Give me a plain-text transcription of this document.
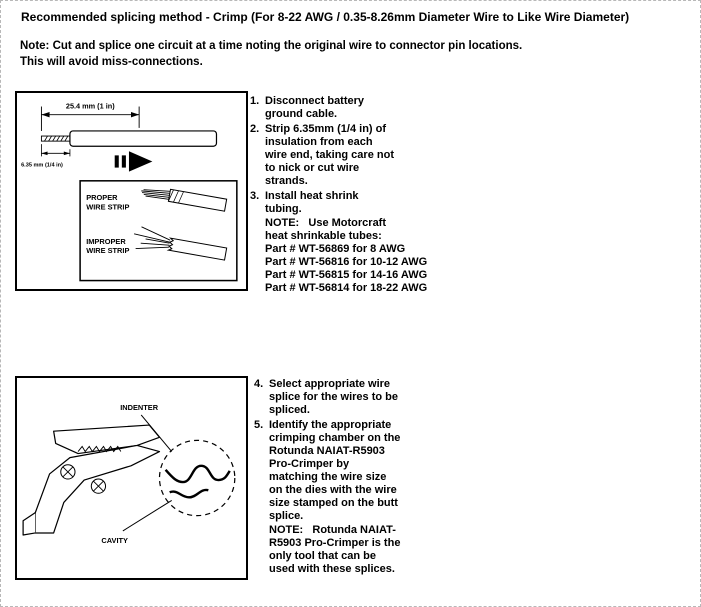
Recommended splicing method - Crimp (For 8-22 AWG / 0.35-8.26mm Diameter Wire to Like Wire Diameter)
Note: Cut and splice one circuit at a time noting the original wire to connector pin locations.
This will avoid miss-connections.
25.4 mm (1 in)
6.35 mm (1/4 in)
PROPER
WIRE STRIP
IMPROPER
WIRE STRIP
1. Disconnect battery ground cable.
2. Strip 6.35mm (1/4 in) of insulation from each wire end, taking care not to nick or cut wire strands.
3. Install heat shrink tubing.
NOTE:   Use Motorcraft heat shrinkable tubes:
Part # WT-56869 for 8 AWG
Part # WT-56816 for 10-12 AWG
Part # WT-56815 for 14-16 AWG
Part # WT-56814 for 18-22 AWG
INDENTER
CAVITY
4. Select appropriate wire splice for the wires to be spliced.
5. Identify the appropriate crimping chamber on the Rotunda NAIAT-R5903 Pro-Crimper by matching the wire size on the dies with the wire size stamped on the butt splice.
NOTE:   Rotunda NAIAT-R5903 Pro-Crimper is the only tool that can be used with these splices.
